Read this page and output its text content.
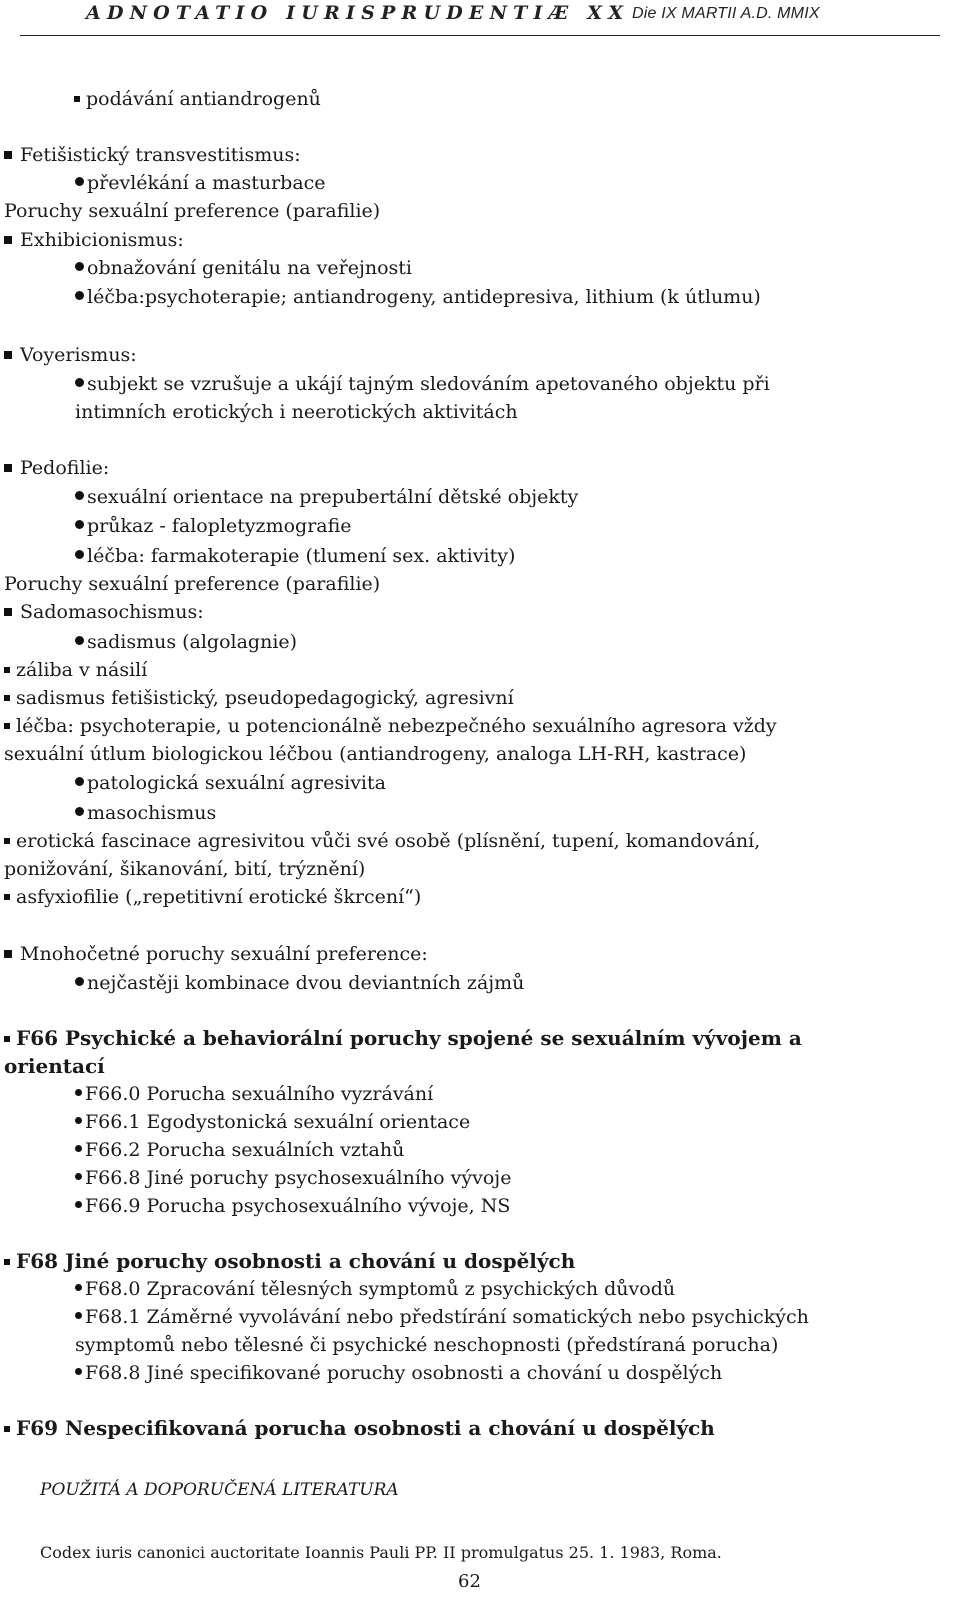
ADNOTATIO IURISPRUDENTIÆ XX Die IX MARTII A.D. MMIX
podávání antiandrogenů
Fetišistický transvestitismus:
převlékání a masturbace
Poruchy sexuální preference (parafilie)
Exhibicionismus:
obnažování genitálu na veřejnosti
léčba:psychoterapie; antiandrogeny, antidepresiva, lithium (k útlumu)
Voyerismus:
subjekt se vzrušuje a ukájí tajným sledováním apetovaného objektu při
intimních erotických i neerotických aktivitách
Pedofilie:
sexuální orientace na prepubertální dětské objekty
průkaz - falopletyzmografie
léčba: farmakoterapie (tlumení sex. aktivity)
Poruchy sexuální preference (parafilie)
Sadomasochismus:
sadismus (algolagnie)
záliba v násilí
sadismus fetišistický, pseudopedagogický, agresivní
léčba: psychoterapie, u potencionálně nebezpečného sexuálního agresora vždy
sexuální útlum biologickou léčbou (antiandrogeny, analoga LH-RH, kastrace)
patologická sexuální agresivita
masochismus
erotická fascinace agresivitou vůči své osobě (plísnění, tupení, komandování,
ponižování, šikanování, bití, trýznění)
asfyxiofilie („repetitivní erotické škrcení“)
Mnohočetné poruchy sexuální preference:
nejčastěji kombinace dvou deviantních zájmů
F66 Psychické a behaviorální poruchy spojené se sexuálním vývojem a
orientací
F66.0 Porucha sexuálního vyzrávání
F66.1 Egodystonická sexuální orientace
F66.2 Porucha sexuálních vztahů
F66.8 Jiné poruchy psychosexuálního vývoje
F66.9 Porucha psychosexuálního vývoje, NS
F68 Jiné poruchy osobnosti a chování u dospělých
F68.0 Zpracování tělesných symptomů z psychických důvodů
F68.1 Záměrné vyvolávání nebo předstírání somatických nebo psychických
symptomů nebo tělesné či psychické neschopnosti (předstíraná porucha)
F68.8 Jiné specifikované poruchy osobnosti a chování u dospělých
F69 Nespecifikovaná porucha osobnosti a chování u dospělých
POUŽITÁ A DOPORUČENÁ LITERATURA
Codex iuris canonici auctoritate Ioannis Pauli PP. II promulgatus 25. 1. 1983, Roma.
62
